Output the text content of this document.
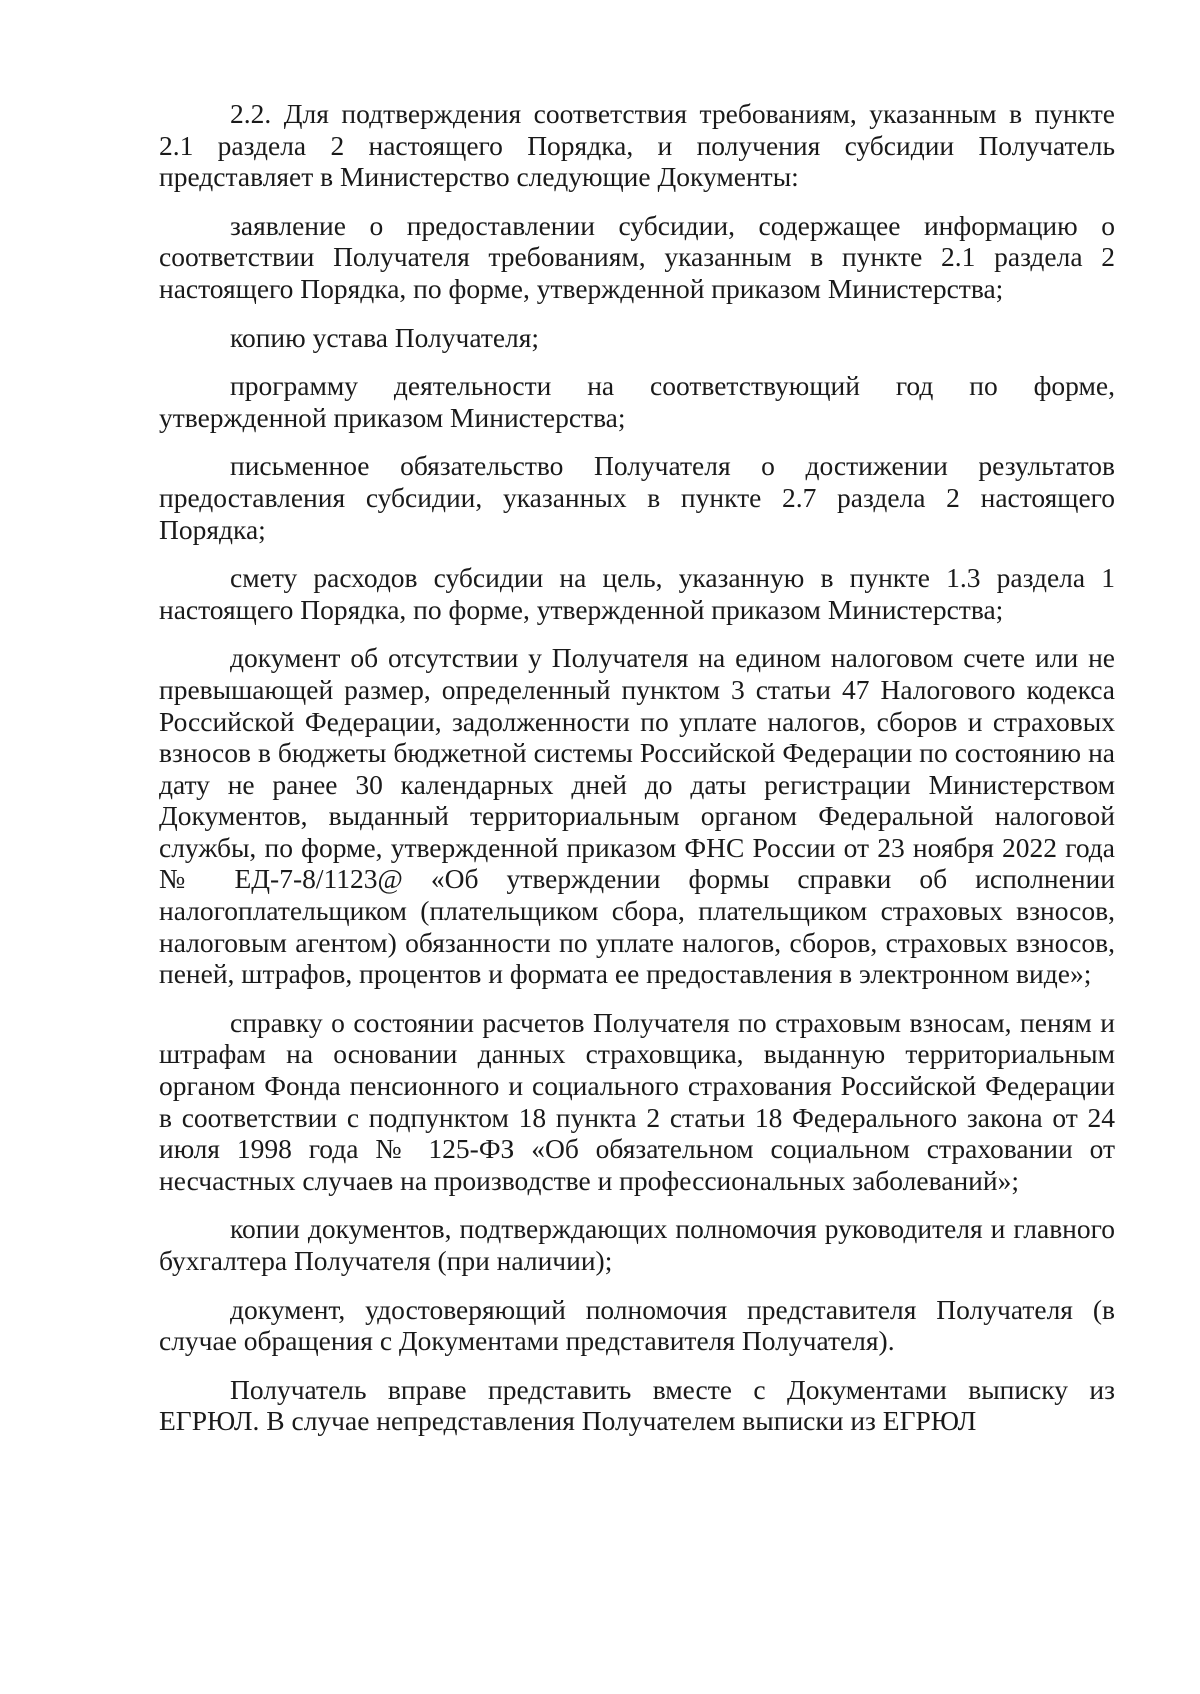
2.2. Для подтверждения соответствия требованиям, указанным в пункте 2.1 раздела 2 настоящего Порядка, и получения субсидии Получатель представляет в Министерство следующие Документы:

заявление о предоставлении субсидии, содержащее информацию о соответствии Получателя требованиям, указанным в пункте 2.1 раздела 2 настоящего Порядка, по форме, утвержденной приказом Министерства;

копию устава Получателя;

программу деятельности на соответствующий год по форме, утвержденной приказом Министерства;

письменное обязательство Получателя о достижении результатов предоставления субсидии, указанных в пункте 2.7 раздела 2 настоящего Порядка;

смету расходов субсидии на цель, указанную в пункте 1.3 раздела 1 настоящего Порядка, по форме, утвержденной приказом Министерства;

документ об отсутствии у Получателя на едином налоговом счете или не превышающей размер, определенный пунктом 3 статьи 47 Налогового кодекса Российской Федерации, задолженности по уплате налогов, сборов и страховых взносов в бюджеты бюджетной системы Российской Федерации по состоянию на дату не ранее 30 календарных дней до даты регистрации Министерством Документов, выданный территориальным органом Федеральной налоговой службы, по форме, утвержденной приказом ФНС России от 23 ноября 2022 года № ЕД-7-8/1123@ «Об утверждении формы справки об исполнении налогоплательщиком (плательщиком сбора, плательщиком страховых взносов, налоговым агентом) обязанности по уплате налогов, сборов, страховых взносов, пеней, штрафов, процентов и формата ее предоставления в электронном виде»;

справку о состоянии расчетов Получателя по страховым взносам, пеням и штрафам на основании данных страховщика, выданную территориальным органом Фонда пенсионного и социального страхования Российской Федерации в соответствии с подпунктом 18 пункта 2 статьи 18 Федерального закона от 24 июля 1998 года № 125-ФЗ «Об обязательном социальном страховании от несчастных случаев на производстве и профессиональных заболеваний»;

копии документов, подтверждающих полномочия руководителя и главного бухгалтера Получателя (при наличии);

документ, удостоверяющий полномочия представителя Получателя (в случае обращения с Документами представителя Получателя).

Получатель вправе представить вместе с Документами выписку из ЕГРЮЛ. В случае непредставления Получателем выписки из ЕГРЮЛ
